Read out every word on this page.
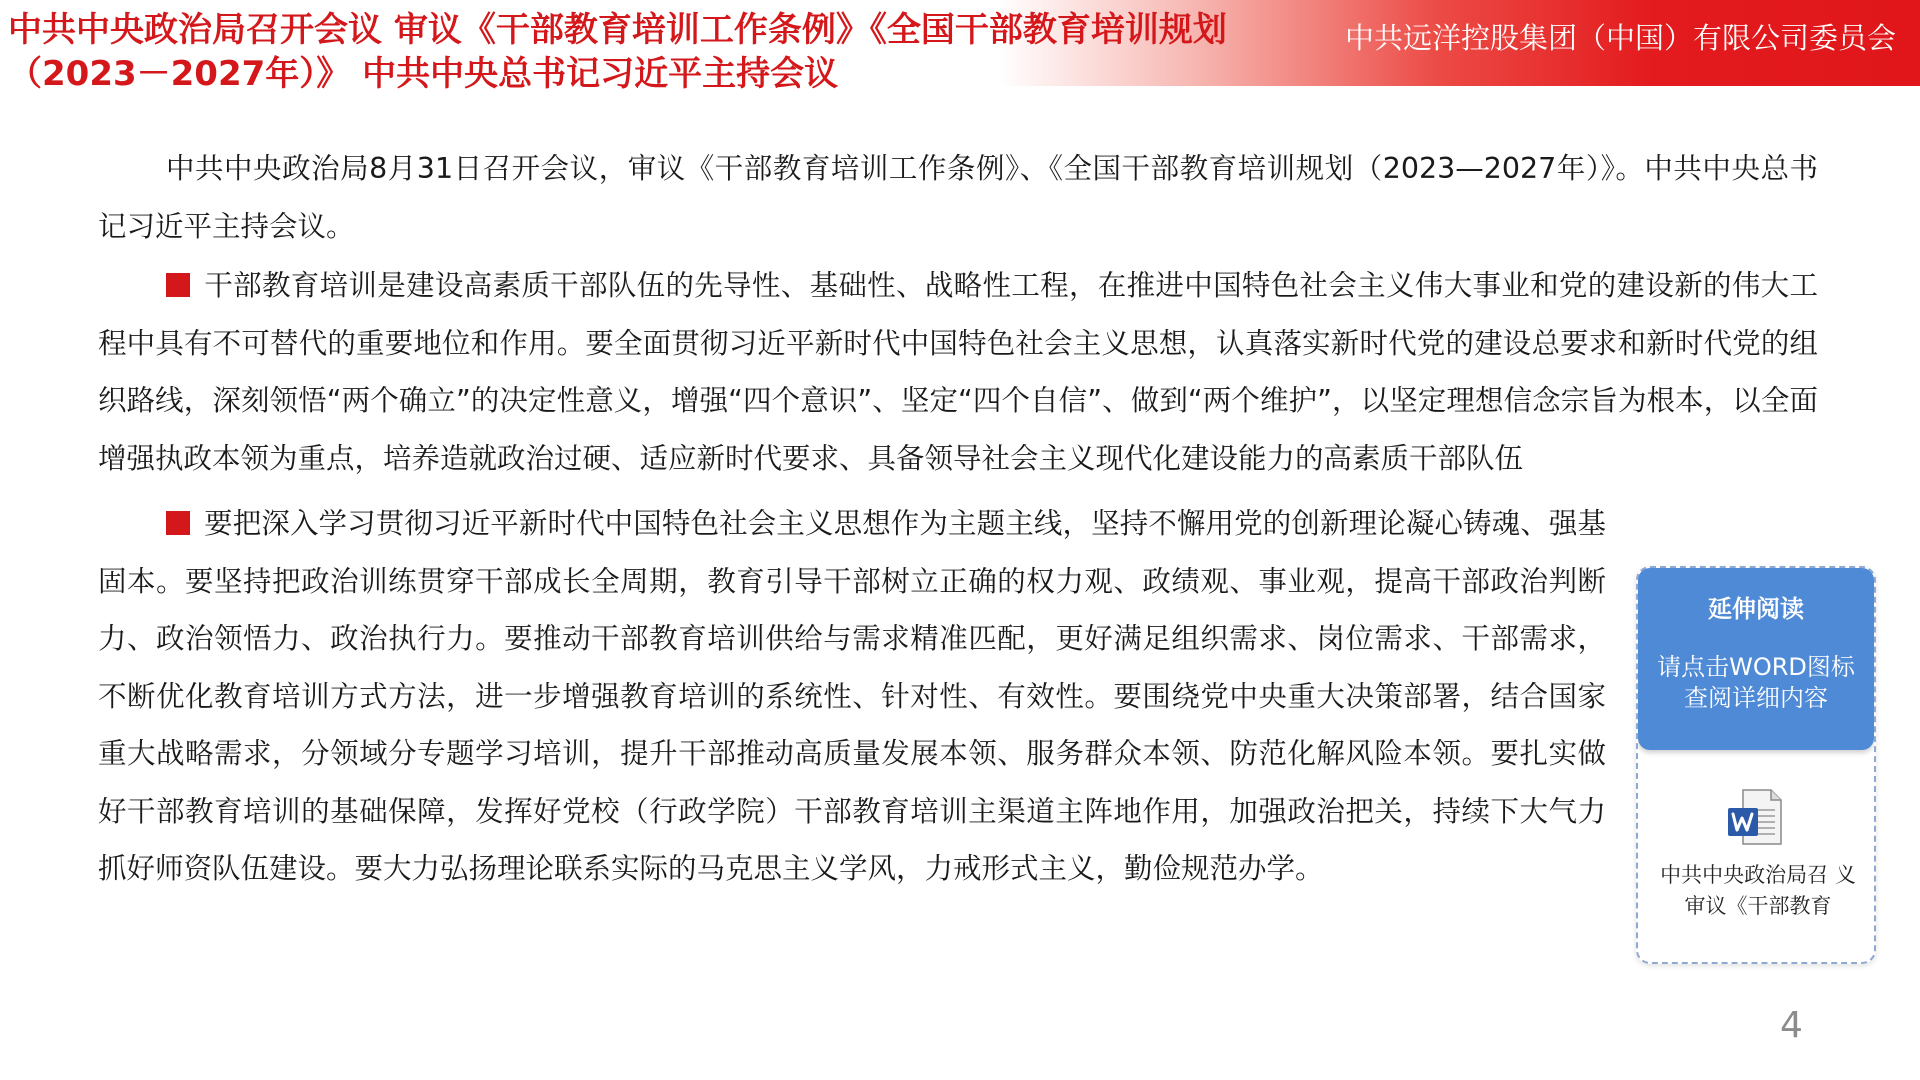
中共中央政治局召开会议 审议《干部教育培训工作条例》《全国干部教育培训规划（2023－2027年）》 中共中央总书记习近平主持会议
中共远洋控股集团（中国）有限公司委员会

中共中央政治局8月31日召开会议，审议《干部教育培训工作条例》、《全国干部教育培训规划（2023—2027年）》。中共中央总书记习近平主持会议。

干部教育培训是建设高素质干部队伍的先导性、基础性、战略性工程，在推进中国特色社会主义伟大事业和党的建设新的伟大工程中具有不可替代的重要地位和作用。要全面贯彻习近平新时代中国特色社会主义思想，认真落实新时代党的建设总要求和新时代党的组织路线，深刻领悟“两个确立”的决定性意义，增强“四个意识”、坚定“四个自信”、做到“两个维护”，以坚定理想信念宗旨为根本，以全面增强执政本领为重点，培养造就政治过硬、适应新时代要求、具备领导社会主义现代化建设能力的高素质干部队伍

要把深入学习贯彻习近平新时代中国特色社会主义思想作为主题主线，坚持不懈用党的创新理论凝心铸魂、强基固本。要坚持把政治训练贯穿干部成长全周期，教育引导干部树立正确的权力观、政绩观、事业观，提高干部政治判断力、政治领悟力、政治执行力。要推动干部教育培训供给与需求精准匹配，更好满足组织需求、岗位需求、干部需求，不断优化教育培训方式方法，进一步增强教育培训的系统性、针对性、有效性。要围绕党中央重大决策部署，结合国家重大战略需求，分领域分专题学习培训，提升干部推动高质量发展本领、服务群众本领、防范化解风险本领。要扎实做好干部教育培训的基础保障，发挥好党校（行政学院）干部教育培训主渠道主阵地作用，加强政治把关，持续下大气力抓好师资队伍建设。要大力弘扬理论联系实际的马克思主义学风，力戒形式主义，勤俭规范办学。

延伸阅读
请点击WORD图标查阅详细内容
中共中央政治局召 义 审议《干部教育
4
